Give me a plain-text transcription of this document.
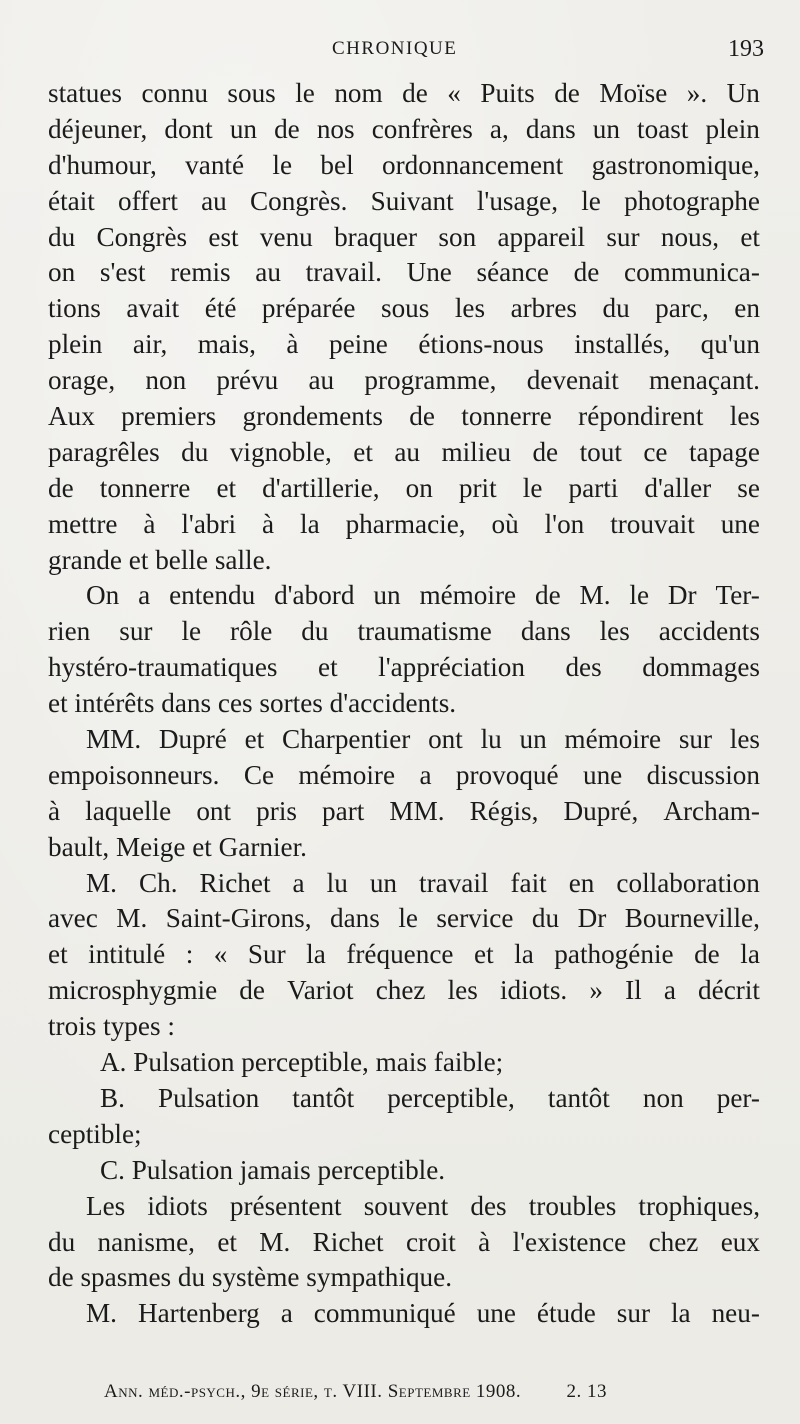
CHRONIQUE	193
statues connu sous le nom de « Puits de Moïse ». Un
déjeuner, dont un de nos confrères a, dans un toast plein
d'humour, vanté le bel ordonnancement gastronomique,
était offert au Congrès. Suivant l'usage, le photographe
du Congrès est venu braquer son appareil sur nous, et
on s'est remis au travail. Une séance de communica-
tions avait été préparée sous les arbres du parc, en
plein air, mais, à peine étions-nous installés, qu'un
orage, non prévu au programme, devenait menaçant.
Aux premiers grondements de tonnerre répondirent les
paragrêles du vignoble, et au milieu de tout ce tapage
de tonnerre et d'artillerie, on prit le parti d'aller se
mettre à l'abri à la pharmacie, où l'on trouvait une
grande et belle salle.
On a entendu d'abord un mémoire de M. le Dr Ter-
rien sur le rôle du traumatisme dans les accidents
hystéro-traumatiques et l'appréciation des dommages
et intérêts dans ces sortes d'accidents.
MM. Dupré et Charpentier ont lu un mémoire sur les
empoisonneurs. Ce mémoire a provoqué une discussion
à laquelle ont pris part MM. Régis, Dupré, Archam-
bault, Meige et Garnier.
M. Ch. Richet a lu un travail fait en collaboration
avec M. Saint-Girons, dans le service du Dr Bourneville,
et intitulé : « Sur la fréquence et la pathogénie de la
microsphygmie de Variot chez les idiots. » Il a décrit
trois types :
A. Pulsation perceptible, mais faible;
B. Pulsation tantôt perceptible, tantôt non per-
ceptible;
C. Pulsation jamais perceptible.
Les idiots présentent souvent des troubles trophiques,
du nanisme, et M. Richet croit à l'existence chez eux
de spasmes du système sympathique.
M. Hartenberg a communiqué une étude sur la neu-
Ann. méd.-psych., 9e série, t. VIII. Septembre 1908. 2. 13
